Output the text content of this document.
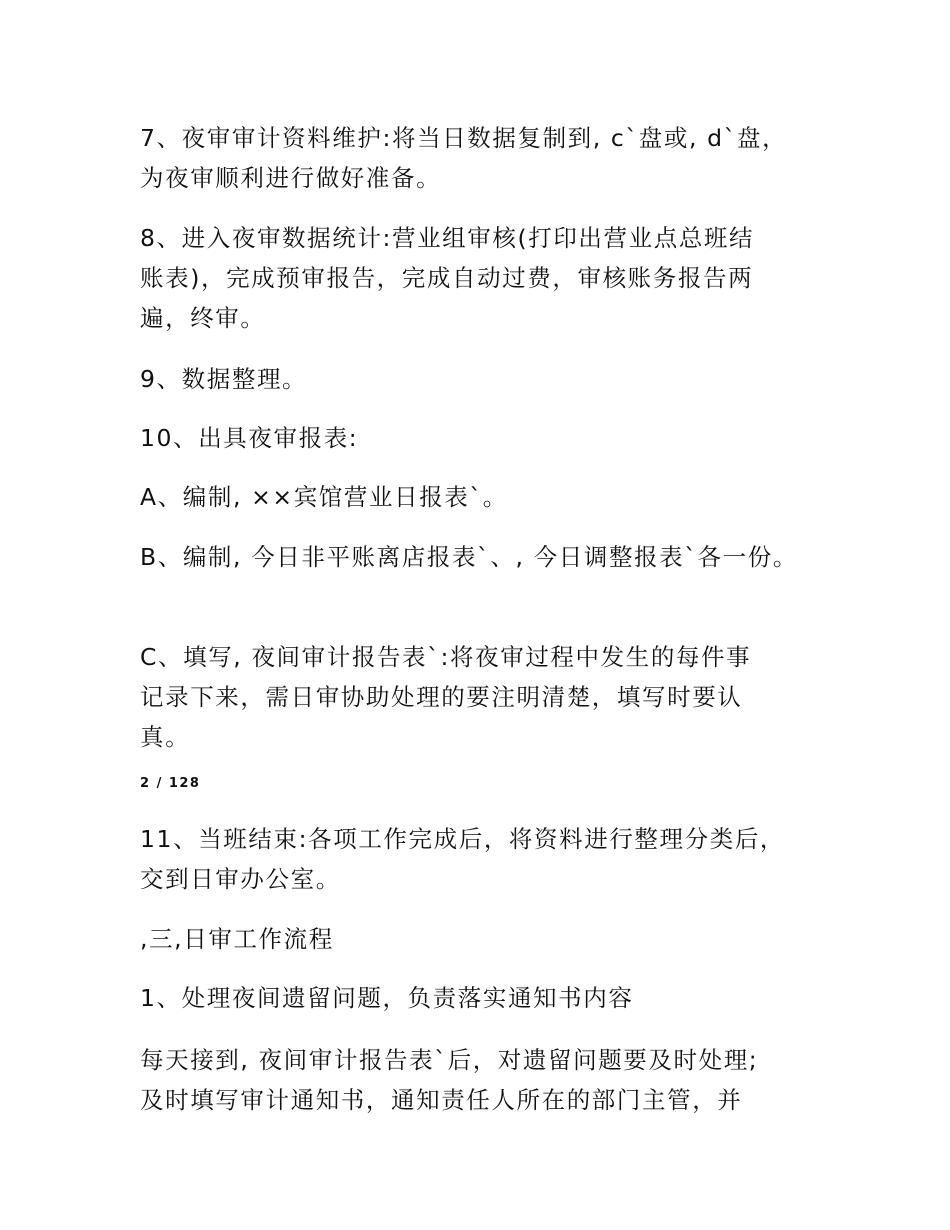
7、夜审审计资料维护:将当日数据复制到, c`盘或, d`盘，
为夜审顺利进行做好准备。
8、进入夜审数据统计:营业组审核(打印出营业点总班结
账表)，完成预审报告，完成自动过费，审核账务报告两
遍，终审。
9、数据整理。
10、出具夜审报表:
A、编制, ××宾馆营业日报表`。
B、编制, 今日非平账离店报表`、, 今日调整报表`各一份。
C、填写, 夜间审计报告表`:将夜审过程中发生的每件事
记录下来，需日审协助处理的要注明清楚，填写时要认
真。
2 / 128
11、当班结束:各项工作完成后，将资料进行整理分类后，
交到日审办公室。
,三,日审工作流程
1、处理夜间遗留问题，负责落实通知书内容
每天接到, 夜间审计报告表`后，对遗留问题要及时处理;
及时填写审计通知书，通知责任人所在的部门主管，并
